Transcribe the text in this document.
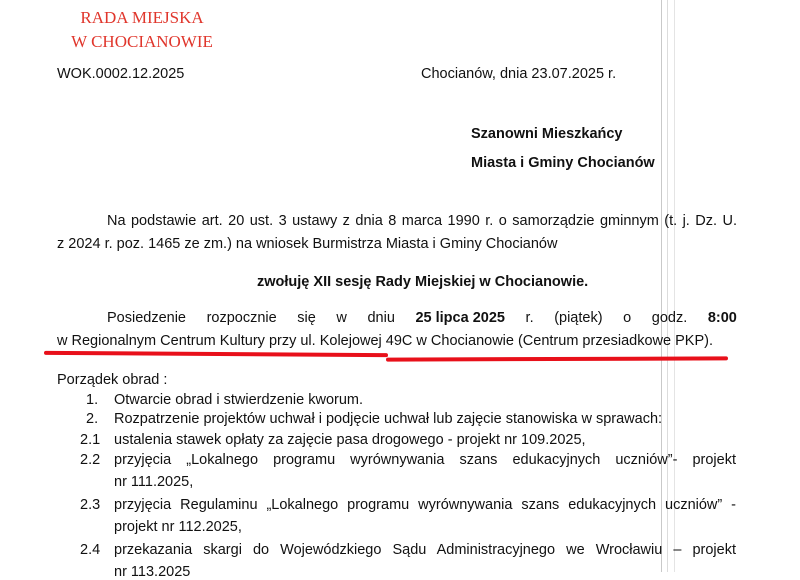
RADA MIEJSKA
W CHOCIANOWIE
WOK.0002.12.2025	Chocianów, dnia 23.07.2025 r.
Szanowni Mieszkańcy
Miasta i Gminy Chocianów
Na podstawie art. 20 ust. 3 ustawy z dnia 8 marca 1990 r. o samorządzie gminnym (t. j. Dz. U.
z 2024 r. poz. 1465 ze zm.) na wniosek Burmistrza Miasta i Gminy Chocianów
zwołuję XII sesję Rady Miejskiej w Chocianowie.
Posiedzenie rozpocznie się w dniu 25 lipca 2025 r. (piątek) o godz. 8:00
w Regionalnym Centrum Kultury przy ul. Kolejowej 49C w Chocianowie (Centrum przesiadkowe PKP).
Porządek obrad :
1. Otwarcie obrad i stwierdzenie kworum.
2. Rozpatrzenie projektów uchwał i podjęcie uchwał lub zajęcie stanowiska w sprawach:
2.1 ustalenia stawek opłaty za zajęcie pasa drogowego - projekt nr 109.2025,
2.2 przyjęcia „Lokalnego programu wyrównywania szans edukacyjnych uczniów”- projekt
nr 111.2025,
2.3 przyjęcia Regulaminu „Lokalnego programu wyrównywania szans edukacyjnych uczniów” -
projekt nr 112.2025,
2.4 przekazania skargi do Wojewódzkiego Sądu Administracyjnego we Wrocławiu – projekt
nr 113.2025
